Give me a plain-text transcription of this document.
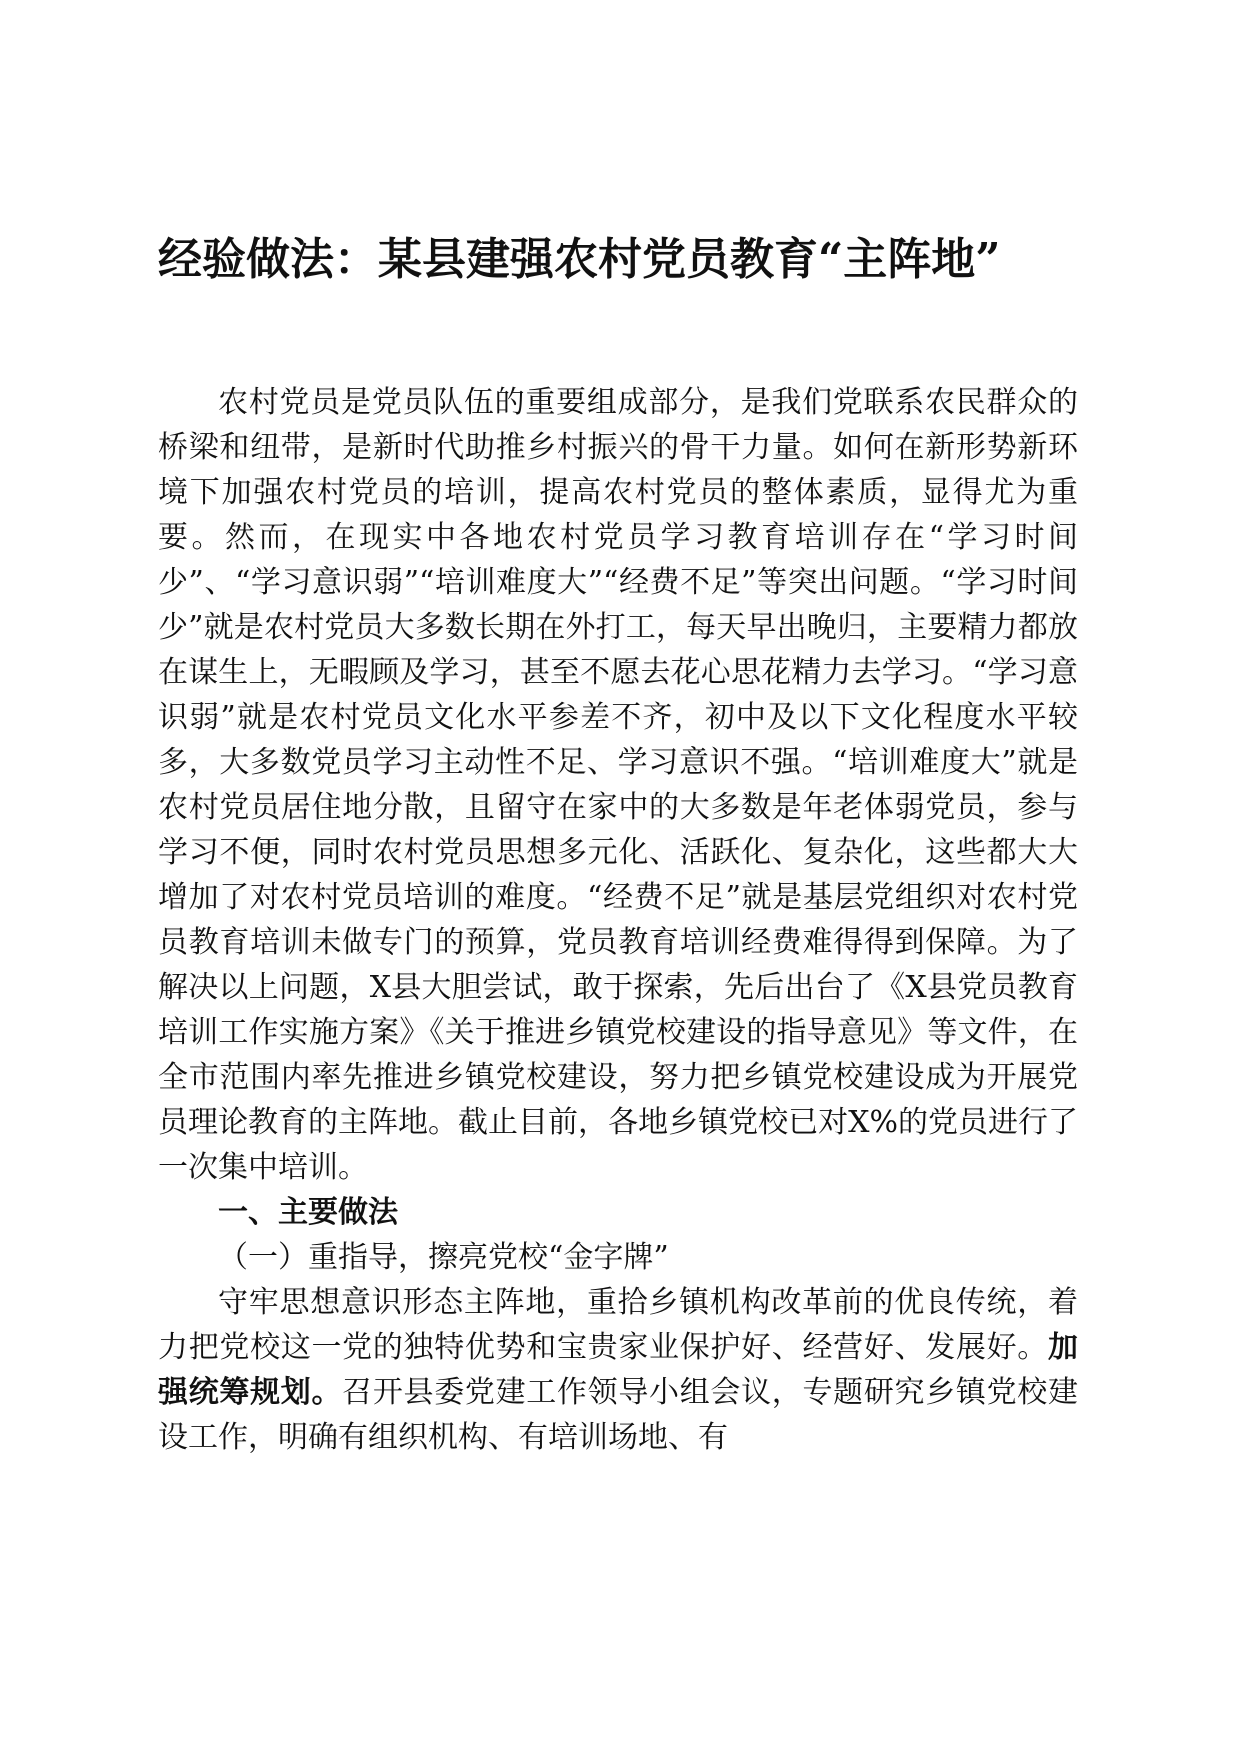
经验做法：某县建强农村党员教育“主阵地”

农村党员是党员队伍的重要组成部分，是我们党联系农民群众的桥梁和纽带，是新时代助推乡村振兴的骨干力量。如何在新形势新环境下加强农村党员的培训，提高农村党员的整体素质，显得尤为重要。然而，在现实中各地农村党员学习教育培训存在“学习时间少”、“学习意识弱”“培训难度大”“经费不足”等突出问题。“学习时间少”就是农村党员大多数长期在外打工，每天早出晚归，主要精力都放在谋生上，无暇顾及学习，甚至不愿去花心思花精力去学习。“学习意识弱”就是农村党员文化水平参差不齐，初中及以下文化程度水平较多，大多数党员学习主动性不足、学习意识不强。“培训难度大”就是农村党员居住地分散，且留守在家中的大多数是年老体弱党员，参与学习不便，同时农村党员思想多元化、活跃化、复杂化，这些都大大增加了对农村党员培训的难度。“经费不足”就是基层党组织对农村党员教育培训未做专门的预算，党员教育培训经费难得得到保障。为了解决以上问题，X县大胆尝试，敢于探索，先后出台了《X县党员教育培训工作实施方案》《关于推进乡镇党校建设的指导意见》等文件，在全市范围内率先推进乡镇党校建设，努力把乡镇党校建设成为开展党员理论教育的主阵地。截止目前，各地乡镇党校已对X%的党员进行了一次集中培训。

一、主要做法

（一）重指导，擦亮党校“金字牌”

守牢思想意识形态主阵地，重拾乡镇机构改革前的优良传统，着力把党校这一党的独特优势和宝贵家业保护好、经营好、发展好。加强统筹规划。召开县委党建工作领导小组会议，专题研究乡镇党校建设工作，明确有组织机构、有培训场地、有
